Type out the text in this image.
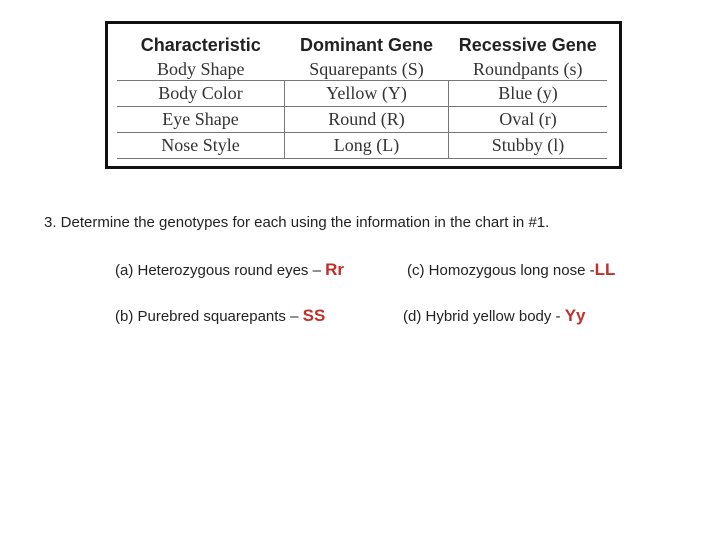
Characteristic	Dominant Gene	Recessive Gene
Body Shape	Squarepants (S)	Roundpants (s)
Body Color	Yellow (Y)	Blue (y)
Eye Shape	Round (R)	Oval (r)
Nose Style	Long (L)	Stubby (l)
3. Determine the genotypes for each using the information in the chart in #1.
(a) Heterozygous round eyes – Rr
(b) Purebred squarepants – SS
(c) Homozygous long nose -LL
(d) Hybrid yellow body - Yy
